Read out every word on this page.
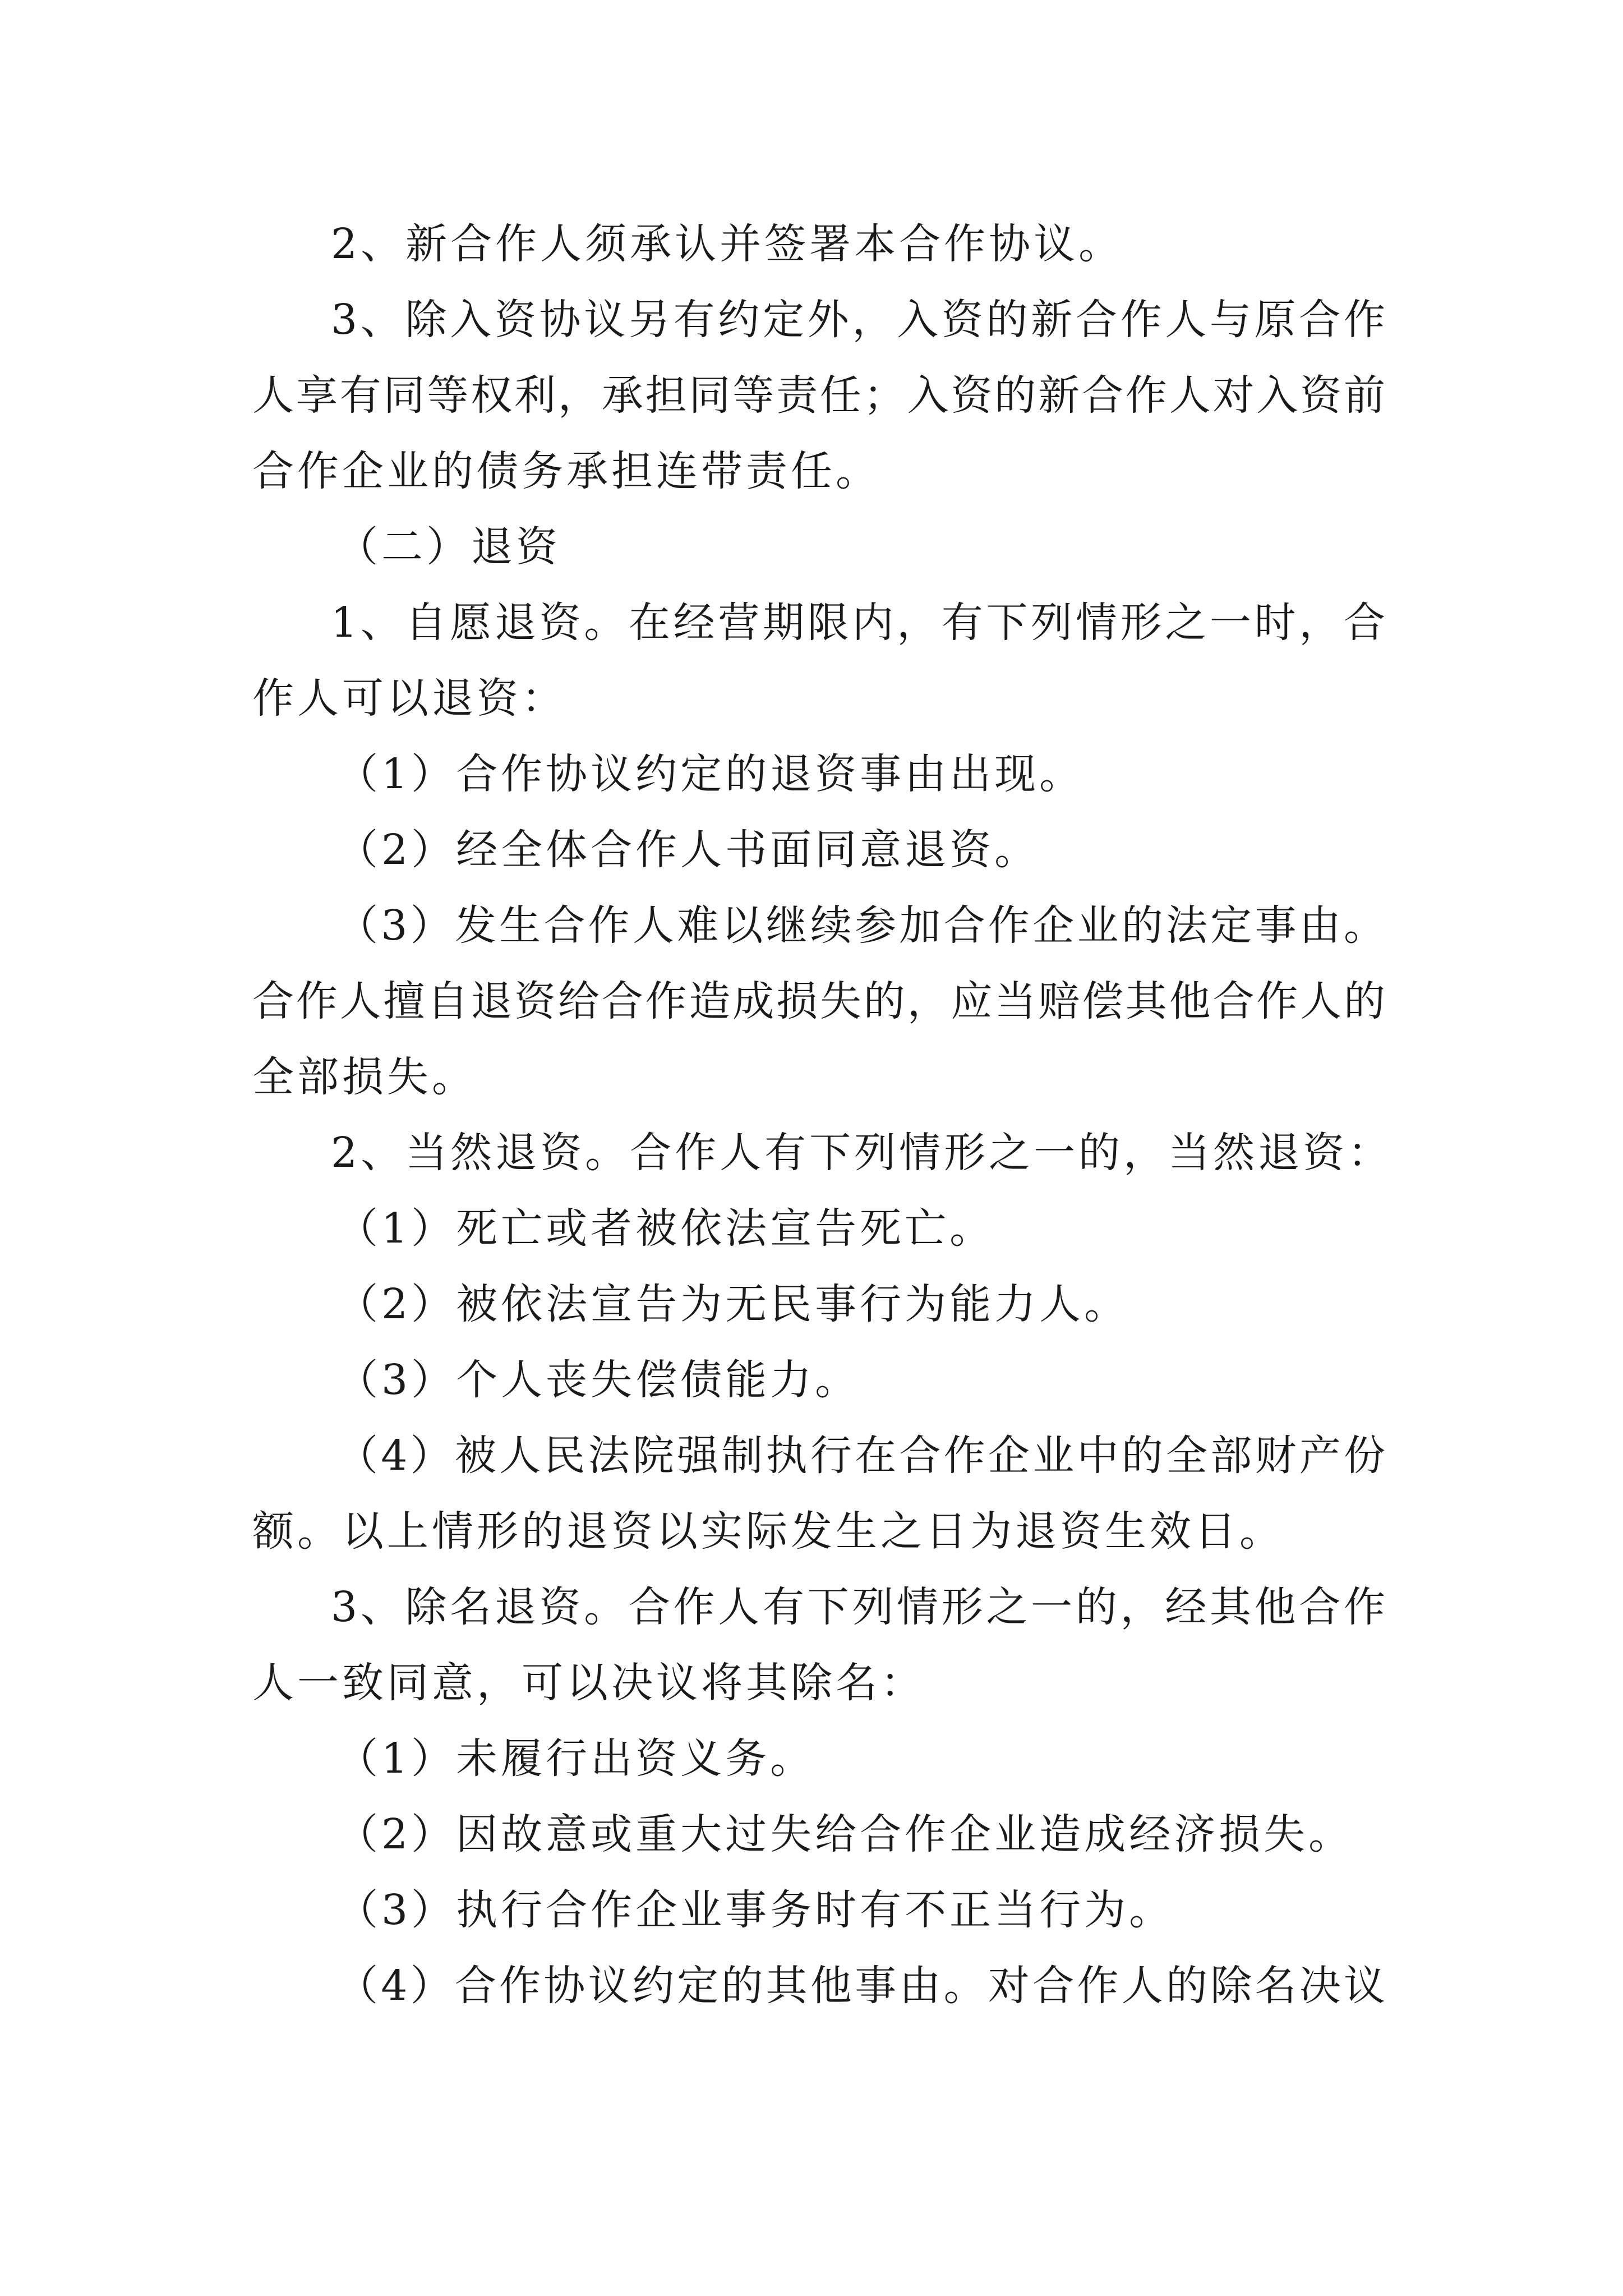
2、新合作人须承认并签署本合作协议。
3、除入资协议另有约定外，入资的新合作人与原合作
人享有同等权利，承担同等责任；入资的新合作人对入资前
合作企业的债务承担连带责任。
（二）退资
1、自愿退资。在经营期限内，有下列情形之一时，合
作人可以退资：
（1）合作协议约定的退资事由出现。
（2）经全体合作人书面同意退资。
（3）发生合作人难以继续参加合作企业的法定事由。
合作人擅自退资给合作造成损失的，应当赔偿其他合作人的
全部损失。
2、当然退资。合作人有下列情形之一的，当然退资：
（1）死亡或者被依法宣告死亡。
（2）被依法宣告为无民事行为能力人。
（3）个人丧失偿债能力。
（4）被人民法院强制执行在合作企业中的全部财产份
额。以上情形的退资以实际发生之日为退资生效日。
3、除名退资。合作人有下列情形之一的，经其他合作
人一致同意，可以决议将其除名：
（1）未履行出资义务。
（2）因故意或重大过失给合作企业造成经济损失。
（3）执行合作企业事务时有不正当行为。
（4）合作协议约定的其他事由。对合作人的除名决议
